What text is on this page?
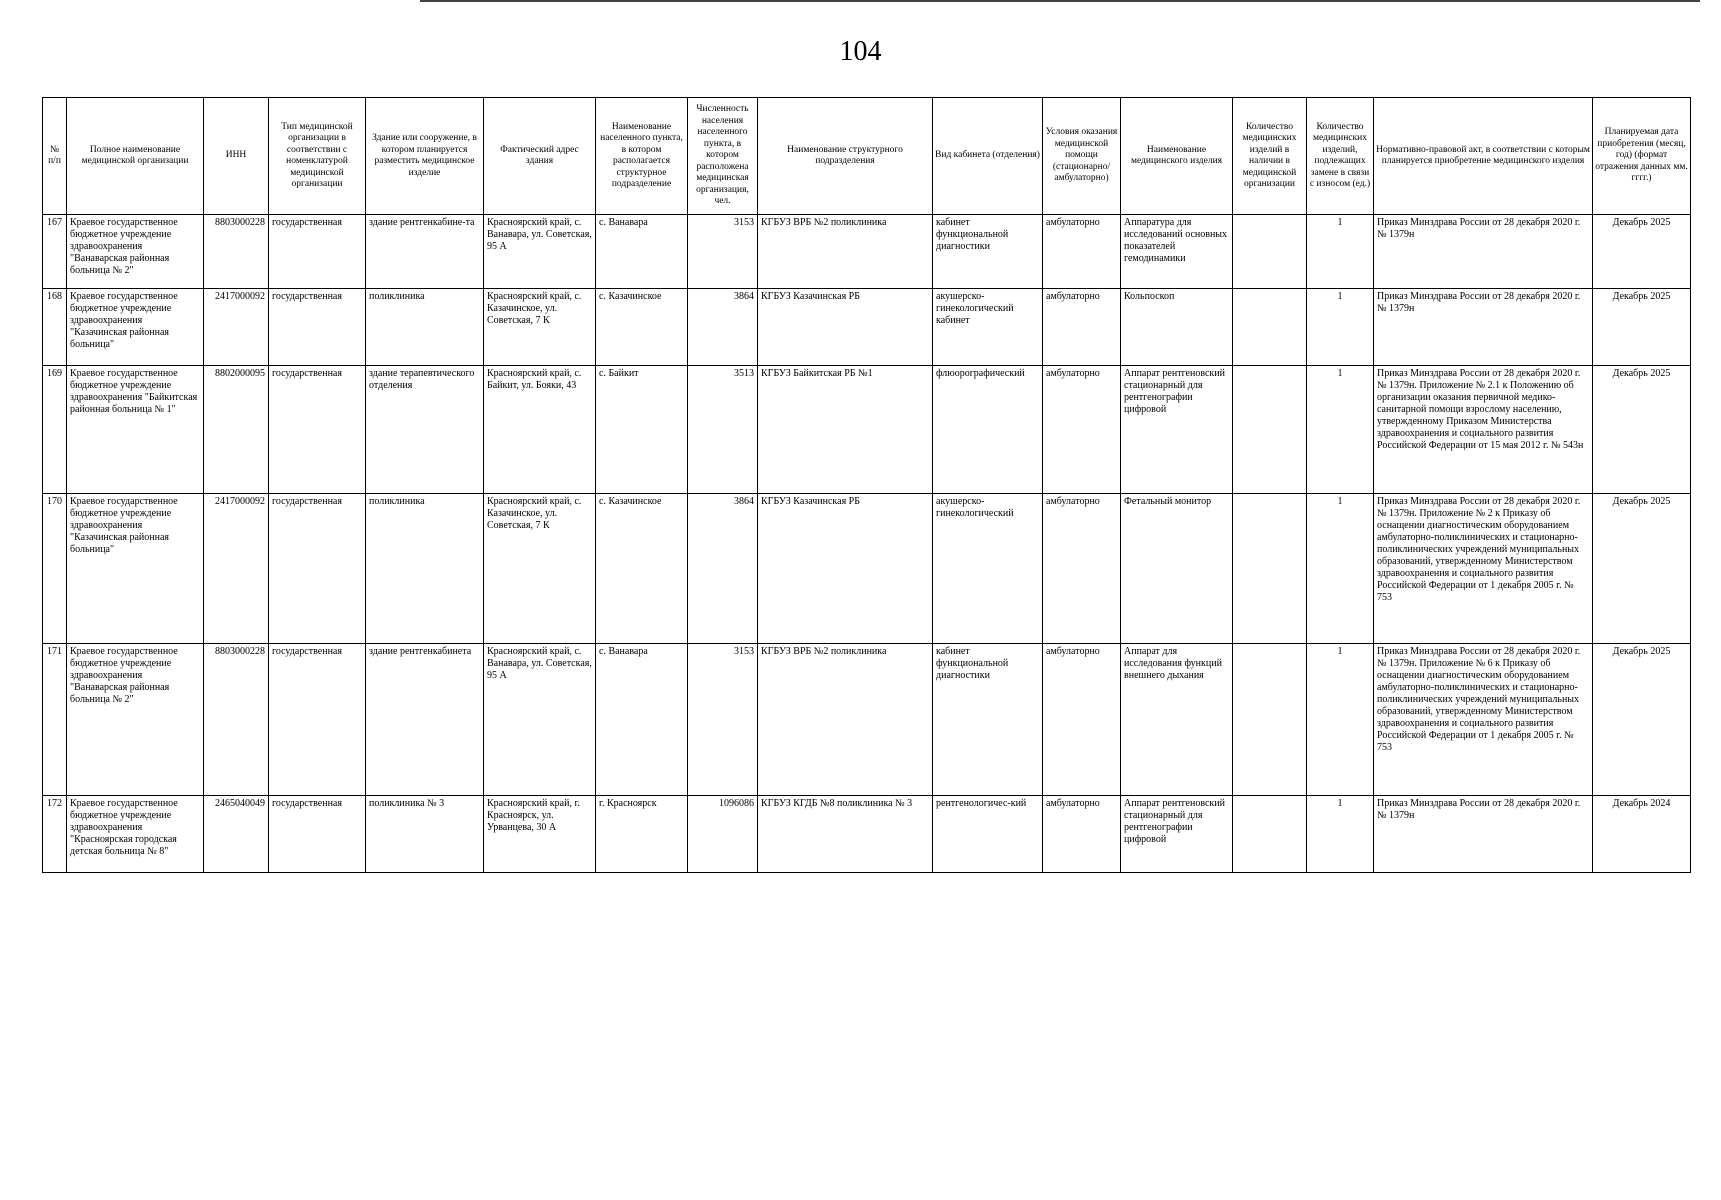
104
№ п/п	Полное наименование медицинской организации	ИНН	Тип медицинской организации в соответствии с номенклатурой медицинской организации	Здание или сооружение, в котором планируется разместить медицинское изделие	Фактический адрес здания	Наименование населенного пункта, в котором располагается структурное подразделение	Численность населения населенного пункта, в котором расположена медицинская организация, чел.	Наименование структурного подразделения	Вид кабинета (отделения)	Условия оказания медицинской помощи (стационарно/ амбулаторно)	Наименование медицинского изделия	Количество медицинских изделий в наличии в медицинской организации	Количество медицинских изделий, подлежащих замене в связи с износом (ед.)	Нормативно-правовой акт, в соответствии с которым планируется приобретение медицинского изделия	Планируемая дата приобретения (месяц, год) (формат отражения данных мм. гггг.)
167	Краевое государственное бюджетное учреждение здравоохранения "Ванаварская районная больница № 2"	8803000228	государственная	здание рентгенкабине-та	Красноярский край, с. Ванавара, ул. Советская, 95 А	с. Ванавара	3153	КГБУЗ ВРБ №2 поликлиника	кабинет функциональной диагностики	амбулаторно	Аппаратура для исследований основных показателей гемодинамики		1	Приказ Минздрава России от 28 декабря 2020 г. № 1379н	Декабрь 2025
168	Краевое государственное бюджетное учреждение здравоохранения "Казачинская районная больница"	2417000092	государственная	поликлиника	Красноярский край, с. Казачинское, ул. Советская, 7 К	с. Казачинское	3864	КГБУЗ Казачинская РБ	акушерско-гинекологический кабинет	амбулаторно	Кольпоскоп		1	Приказ Минздрава России от 28 декабря 2020 г. № 1379н	Декабрь 2025
169	Краевое государственное бюджетное учреждение здравоохранения "Байкитская районная больница № 1"	8802000095	государственная	здание терапевтического отделения	Красноярский край, с. Байкит, ул. Бояки, 43	с. Байкит	3513	КГБУЗ Байкитская РБ №1	флюорографический	амбулаторно	Аппарат рентгеновский стационарный для рентгенографии цифровой		1	Приказ Минздрава России от 28 декабря 2020 г. № 1379н. Приложение № 2.1 к Положению об организации оказания первичной медико-санитарной помощи взрослому населению, утвержденному Приказом Министерства здравоохранения и социального развития Российской Федерации от 15 мая 2012 г. № 543н	Декабрь 2025
170	Краевое государственное бюджетное учреждение здравоохранения "Казачинская районная больница"	2417000092	государственная	поликлиника	Красноярский край, с. Казачинское, ул. Советская, 7 К	с. Казачинское	3864	КГБУЗ Казачинская РБ	акушерско-гинекологический	амбулаторно	Фетальный монитор		1	Приказ Минздрава России от 28 декабря 2020 г. № 1379н. Приложение № 2 к Приказу об оснащении диагностическим оборудованием амбулаторно-поликлинических и стационарно-поликлинических учреждений муниципальных образований, утвержденному Министерством здравоохранения и социального развития Российской Федерации от 1 декабря 2005 г. № 753	Декабрь 2025
171	Краевое государственное бюджетное учреждение здравоохранения "Ванаварская районная больница № 2"	8803000228	государственная	здание рентгенкабинета	Красноярский край, с. Ванавара, ул. Советская, 95 А	с. Ванавара	3153	КГБУЗ ВРБ №2 поликлиника	кабинет функциональной диагностики	амбулаторно	Аппарат для исследования функций внешнего дыхания		1	Приказ Минздрава России от 28 декабря 2020 г. № 1379н. Приложение № 6 к Приказу об оснащении диагностическим оборудованием амбулаторно-поликлинических и стационарно-поликлинических учреждений муниципальных образований, утвержденному Министерством здравоохранения и социального развития Российской Федерации от 1 декабря 2005 г. № 753	Декабрь 2025
172	Краевое государственное бюджетное учреждение здравоохранения "Красноярская городская детская больница № 8"	2465040049	государственная	поликлиника № 3	Красноярский край, г. Красноярск, ул. Урванцева, 30 А	г. Красноярск	1096086	КГБУЗ КГДБ №8 поликлиника № 3	рентгенологичес-кий	амбулаторно	Аппарат рентгеновский стационарный для рентгенографии цифровой		1	Приказ Минздрава России от 28 декабря 2020 г. № 1379н	Декабрь 2024
